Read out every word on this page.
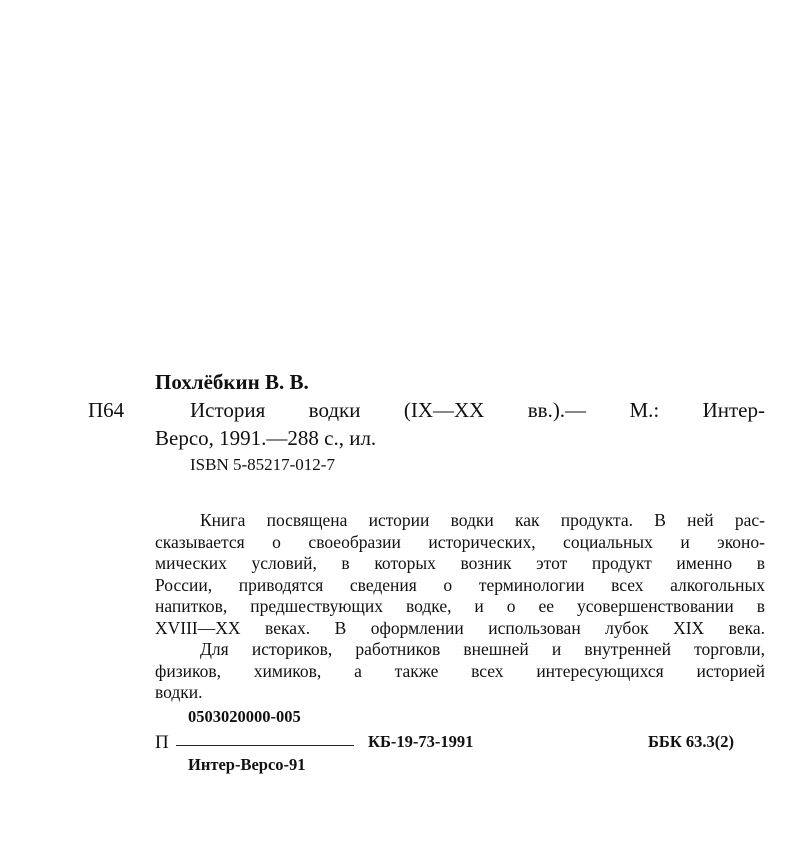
Похлёбкин В. В.
П64	История водки (IX—XX вв.).— М.: Интер-
Версо, 1991.—288 с., ил.
ISBN 5-85217-012-7
Книга посвящена истории водки как продукта. В ней рас-
сказывается о своеобразии исторических, социальных и эконо-
мических условий, в которых возник этот продукт именно в
России, приводятся сведения о терминологии всех алкогольных
напитков, предшествующих водке, и о ее усовершенствовании в
XVIII—XX веках. В оформлении использован лубок XIX века.
Для историков, работников внешней и внутренней торговли,
физиков, химиков, а также всех интересующихся историей
водки.
0503020000-005
П	КБ-19-73-1991	ББК 63.3(2)
Интер-Версо-91
